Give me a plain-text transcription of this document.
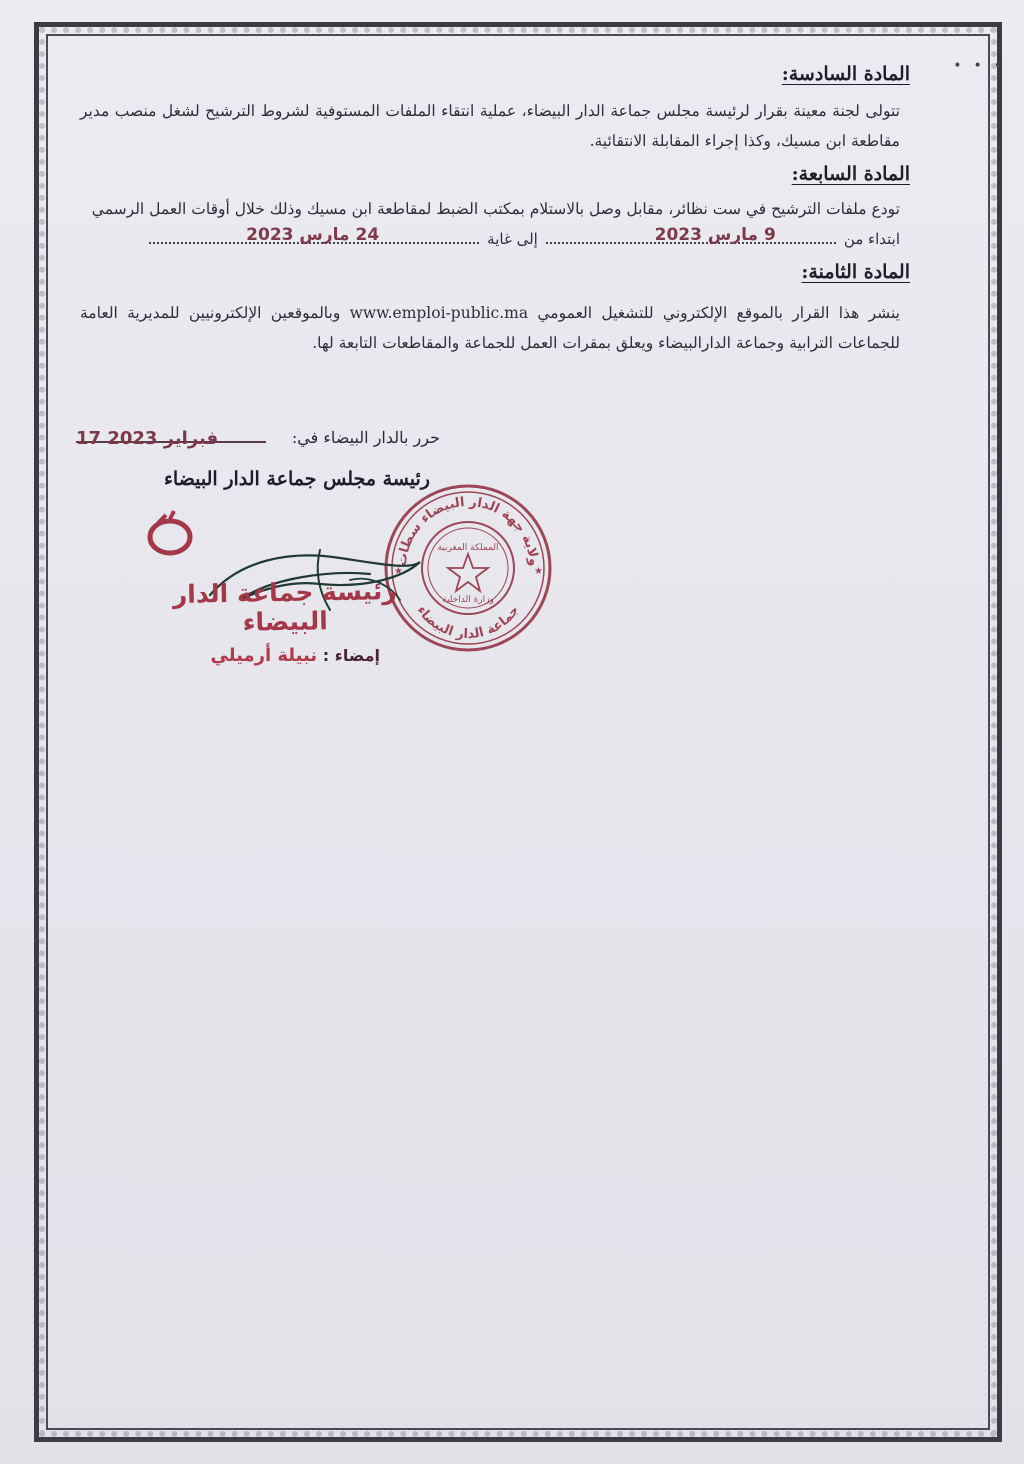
•••

المادة السادسة:

تتولى لجنة معينة بقرار لرئيسة مجلس جماعة الدار البيضاء، عملية انتقاء الملفات المستوفية لشروط الترشيح لشغل منصب مدير مقاطعة ابن مسيك، وكذا إجراء المقابلة الانتقائية.

المادة السابعة:

تودع ملفات الترشيح في ست نظائر، مقابل وصل بالاستلام بمكتب الضبط لمقاطعة ابن مسيك وذلك خلال أوقات العمل الرسمي

ابتداء من
9 مارس 2023
إلى غاية
24 مارس 2023

المادة الثامنة:

ينشر هذا القرار بالموقع الإلكتروني للتشغيل العمومي www.emploi-public.ma وبالموقعين الإلكترونيين للمديرية العامة للجماعات الترابية وجماعة الدارالبيضاء ويعلق بمقرات العمل للجماعة والمقاطعات التابعة لها.

حرر بالدار البيضاء في:
17 فبراير 2023
رئيسة مجلس جماعة الدار البيضاء
ولاية جهة الدار البيضاء سطات
جماعة الدار البيضاء
المملكة المغربية
وزارة الداخلية
★	★
رئيسة جماعة الدار البيضاء
إمضاء : نبيلة أرميلي
